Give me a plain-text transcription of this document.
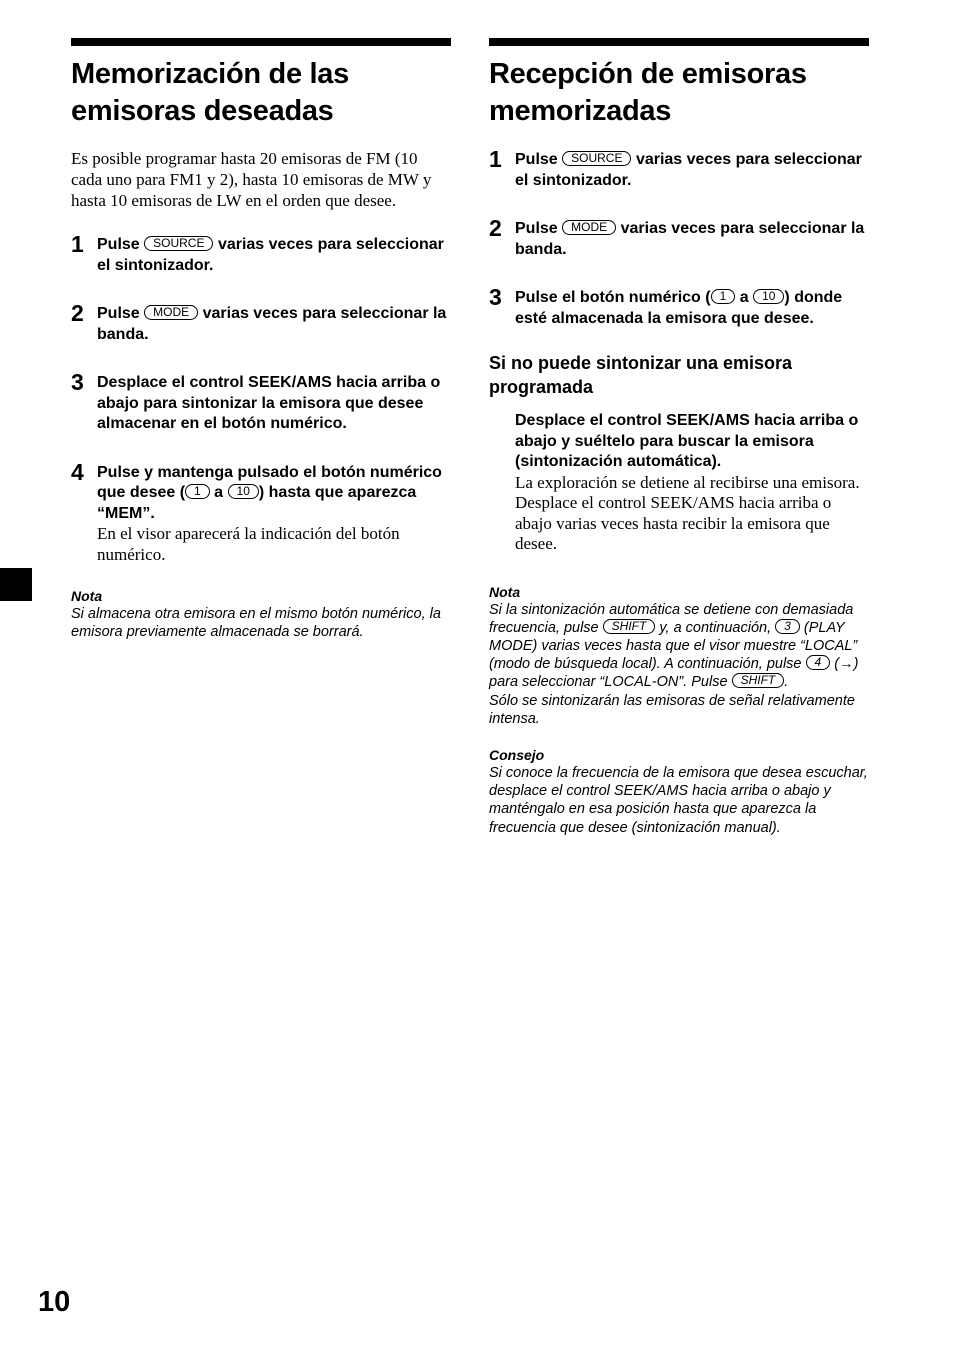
Memorización de las emisoras deseadas

Es posible programar hasta 20 emisoras de FM (10 cada uno para FM1 y 2), hasta 10 emisoras de MW y hasta 10 emisoras de LW en el orden que desee.

1 Pulse SOURCE varias veces para seleccionar el sintonizador.
2 Pulse MODE varias veces para seleccionar la banda.
3 Desplace el control SEEK/AMS hacia arriba o abajo para sintonizar la emisora que desee almacenar en el botón numérico.
4 Pulse y mantenga pulsado el botón numérico que desee ( 1 a 10 ) hasta que aparezca “MEM”.
En el visor aparecerá la indicación del botón numérico.
Nota
Si almacena otra emisora en el mismo botón numérico, la emisora previamente almacenada se borrará.
Recepción de emisoras memorizadas
1 Pulse SOURCE varias veces para seleccionar el sintonizador.
2 Pulse MODE varias veces para seleccionar la banda.
3 Pulse el botón numérico ( 1 a 10 ) donde esté almacenada la emisora que desee.
Si no puede sintonizar una emisora programada
Desplace el control SEEK/AMS hacia arriba o abajo y suéltelo para buscar la emisora (sintonización automática).
La exploración se detiene al recibirse una emisora. Desplace el control SEEK/AMS hacia arriba o abajo varias veces hasta recibir la emisora que desee.
Nota
Si la sintonización automática se detiene con demasiada frecuencia, pulse SHIFT y, a continuación, 3 (PLAY MODE) varias veces hasta que el visor muestre “LOCAL” (modo de búsqueda local). A continuación, pulse 4 (→) para seleccionar “LOCAL-ON”. Pulse SHIFT .
Sólo se sintonizarán las emisoras de señal relativamente intensa.
Consejo
Si conoce la frecuencia de la emisora que desea escuchar, desplace el control SEEK/AMS hacia arriba o abajo y manténgalo en esa posición hasta que aparezca la frecuencia que desee (sintonización manual).
10
